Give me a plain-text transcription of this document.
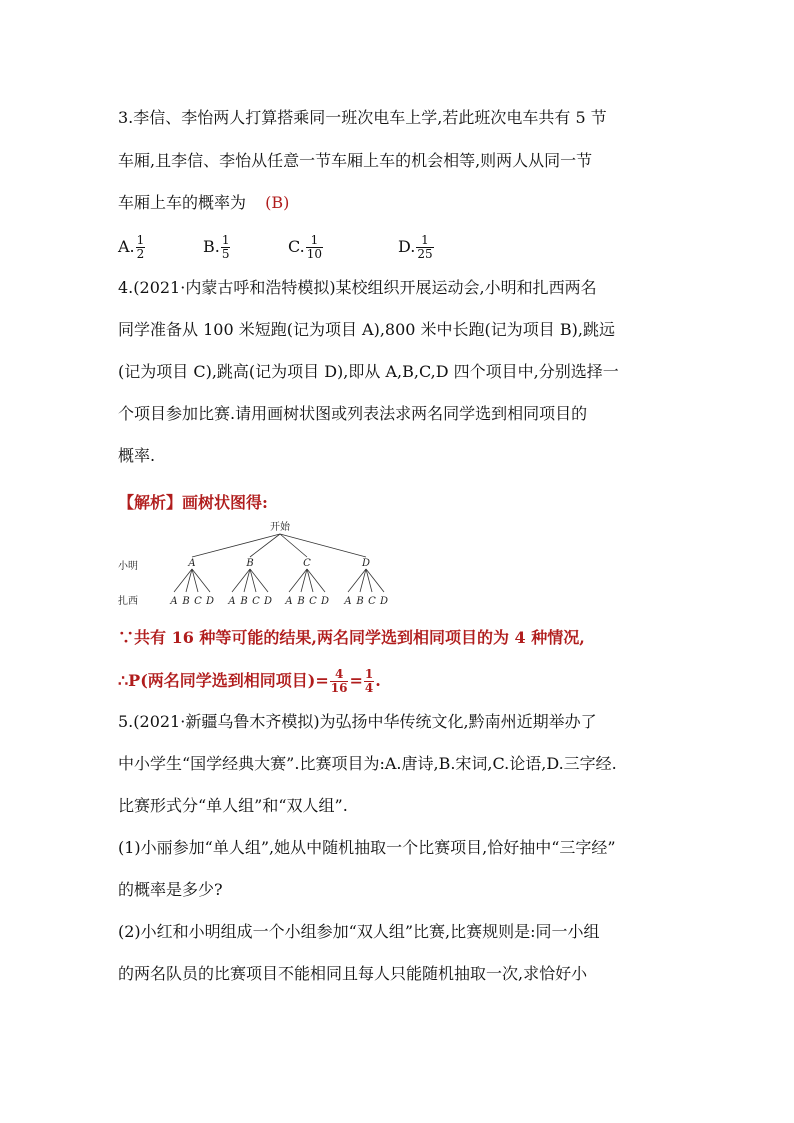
3.李信、李怡两人打算搭乘同一班次电车上学,若此班次电车共有 5 节
车厢,且李信、李怡从任意一节车厢上车的机会相等,则两人从同一节
车厢上车的概率为 (B)
A. $\frac{1}{2}$	B. $\frac{1}{5}$	C. $\frac{1}{10}$	D. $\frac{1}{25}$
4.(2021·内蒙古呼和浩特模拟)某校组织开展运动会,小明和扎西两名
同学准备从 100 米短跑(记为项目 A),800 米中长跑(记为项目 B),跳远
(记为项目 C),跳高(记为项目 D),即从 A,B,C,D 四个项目中,分别选择一
个项目参加比赛.请用画树状图或列表法求两名同学选到相同项目的
概率.
【解析】画树状图得:
开始
小明
扎西
A	B	C	D
A B C D A B C D A B C D A B C D
∵共有 16 种等可能的结果,两名同学选到相同项目的为 4 种情况,
∴P(两名同学选到相同项目)= $\frac{4}{16} = \frac{1}{4}$ .
5.(2021·新疆乌鲁木齐模拟)为弘扬中华传统文化,黔南州近期举办了
中小学生“国学经典大赛”.比赛项目为:A.唐诗,B.宋词,C.论语,D.三字经.
比赛形式分“单人组”和“双人组”.
(1)小丽参加“单人组”,她从中随机抽取一个比赛项目,恰好抽中“三字经”
的概率是多少?
(2)小红和小明组成一个小组参加“双人组”比赛,比赛规则是:同一小组
的两名队员的比赛项目不能相同且每人只能随机抽取一次,求恰好小
